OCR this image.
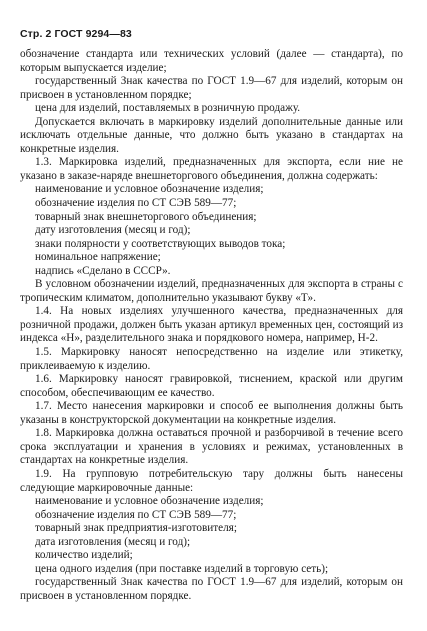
Стр. 2 ГОСТ 9294—83

обозначение стандарта или технических условий (далее — стандарта), по которым выпускается изделие;

государственный Знак качества по ГОСТ 1.9—67 для изделий, которым он присвоен в установленном порядке;

цена для изделий, поставляемых в розничную продажу.

Допускается включать в маркировку изделий дополнительные данные или исключать отдельные данные, что должно быть указано в стандартах на конкретные изделия.

1.3. Маркировка изделий, предназначенных для экспорта, если ние не указано в заказе-наряде внешнеторгового объединения, должна содержать:

наименование и условное обозначение изделия;

обозначение изделия по СТ СЭВ 589—77;

товарный знак внешнеторгового объединения;

дату изготовления (месяц и год);

знаки полярности у соответствующих выводов тока;

номинальное напряжение;

надпись «Сделано в СССР».

В условном обозначении изделий, предназначенных для экспорта в страны с тропическим климатом, дополнительно указывают букву «Т».

1.4. На новых изделиях улучшенного качества, предназначенных для розничной продажи, должен быть указан артикул временных цен, состоящий из индекса «Н», разделительного знака и порядкового номера, например, Н-2.

1.5. Маркировку наносят непосредственно на изделие или этикетку, приклеиваемую к изделию.

1.6. Маркировку наносят гравировкой, тиснением, краской или другим способом, обеспечивающим ее качество.

1.7. Место нанесения маркировки и способ ее выполнения должны быть указаны в конструкторской документации на конкретные изделия.

1.8. Маркировка должна оставаться прочной и разборчивой в течение всего срока эксплуатации и хранения в условиях и режимах, установленных в стандартах на конкретные изделия.

1.9. На групповую потребительскую тару должны быть нанесены следующие маркировочные данные:

наименование и условное обозначение изделия;

обозначение изделия по СТ СЭВ 589—77;

товарный знак предприятия-изготовителя;

дата изготовления (месяц и год);

количество изделий;

цена одного изделия (при поставке изделий в торговую сеть);

государственный Знак качества по ГОСТ 1.9—67 для изделий, которым он присвоен в установленном порядке.
